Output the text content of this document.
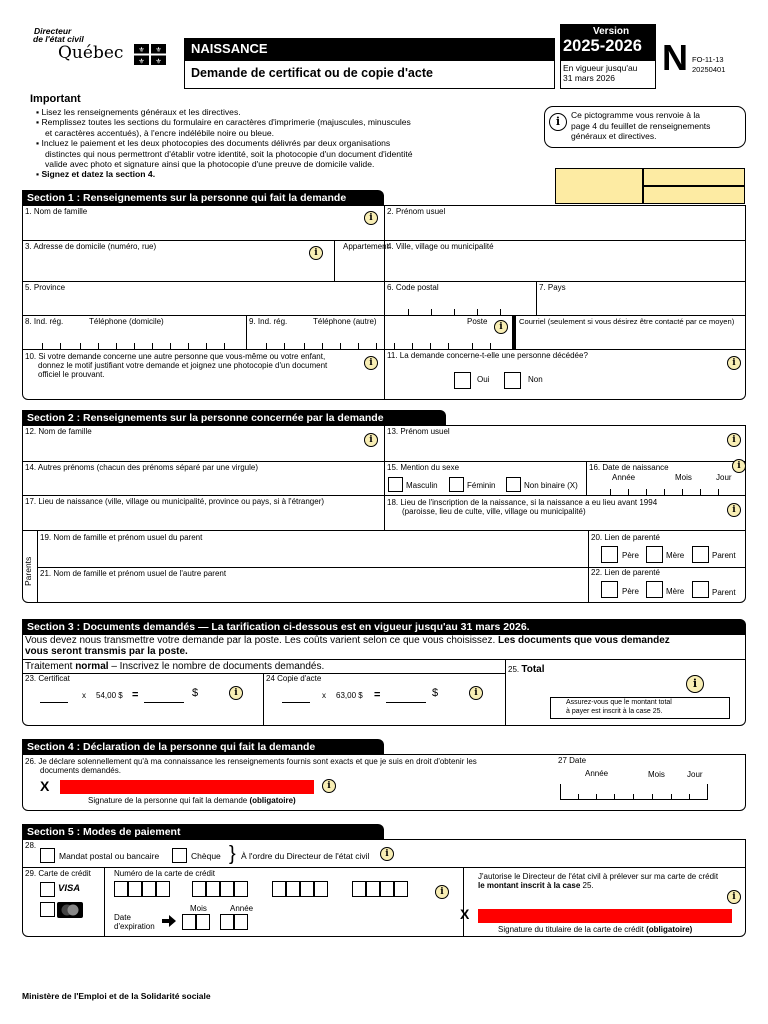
Directeur
de l'état civil
Québec ⚜ ⚜
⚜ ⚜
NAISSANCE
Demande de certificat ou de copie d'acte
Version
2025-2026
En vigueur jusqu'au
31 mars 2026 N FO-11-13
20250401
Important
▪ Lisez les renseignements généraux et les directives.
▪ Remplissez toutes les sections du formulaire en caractères d'imprimerie (majuscules, minuscules
et caractères accentués), à l'encre indélébile noire ou bleue.
▪ Incluez le paiement et les deux photocopies des documents délivrés par deux organisations
distinctes qui nous permettront d'établir votre identité, soit la photocopie d'un document d'identité
valide avec photo et signature ainsi que la photocopie d'une preuve de domicile valide.
▪ Signez et datez la section 4.
i	Ce pictogramme vous renvoie à la
page 4 du feuillet de renseignements
généraux et directives.
Section 1 : Renseignements sur la personne qui fait la demande
1. Nom de famille
i
2. Prénom usuel
3. Adresse de domicile (numéro, rue)
i
Appartement
4. Ville, village ou municipalité
5. Province	6. Code postal	7. Pays
8. Ind. rég.	Téléphone (domicile)	9. Ind. rég.	Téléphone (autre)	Poste
i
Courriel (seulement si vous désirez être contacté par ce moyen)
10. Si votre demande concerne une autre personne que vous-même ou votre enfant,
donnez le motif justifiant votre demande et joignez une photocopie d'un document
officiel le prouvant.
i
11. La demande concerne-t-elle une personne décédée?
i
Oui	Non
Section 2 : Renseignements sur la personne concernée par la demande
12. Nom de famille
i
13. Prénom usuel
i
14. Autres prénoms (chacun des prénoms séparé par une virgule)	15. Mention du sexe
Masculin	Féminin	Non binaire (X)
16. Date de naissance	i
Année	Mois	Jour
17. Lieu de naissance (ville, village ou municipalité, province ou pays, si à l'étranger)	18. Lieu de l'inscription de la naissance, si la naissance a eu lieu avant 1994
(paroisse, lieu de culte, ville, village ou municipalité)	i
Parents
19. Nom de famille et prénom usuel du parent	20. Lien de parenté
Père	Mère	Parent
21. Nom de famille et prénom usuel de l'autre parent	22. Lien de parenté
Père	Mère	Parent
Section 3 : Documents demandés — La tarification ci-dessous est en vigueur jusqu'au 31 mars 2026.
Vous devez nous transmettre votre demande par la poste. Les coûts varient selon ce que vous choisissez. Les documents que vous demandez
vous seront transmis par la poste.
Traitement normal – Inscrivez le nombre de documents demandés.
23. Certificat
x 54,00 $ =	$	i
24 Copie d'acte
x 63,00 $ =	$	i
25. Total
i
Assurez-vous que le montant total
à payer est inscrit à la case 25.
Section 4 : Déclaration de la personne qui fait la demande
26. Je déclare solennellement qu'à ma connaissance les renseignements fournis sont exacts et que je suis en droit d'obtenir les
documents demandés.
X	i
Signature de la personne qui fait la demande (obligatoire)
27 Date
Année	Mois	Jour
Section 5 : Modes de paiement
28.
Mandat postal ou bancaire	Chèque } À l'ordre du Directeur de l'état civil	i
29. Carte de crédit
VISA
Numéro de la carte de crédit
i
Mois	Année
Date
d'expiration
J'autorise le Directeur de l'état civil à prélever sur ma carte de crédit
le montant inscrit à la case 25.
i
X
Signature du titulaire de la carte de crédit (obligatoire)
Ministère de l'Emploi et de la Solidarité sociale
